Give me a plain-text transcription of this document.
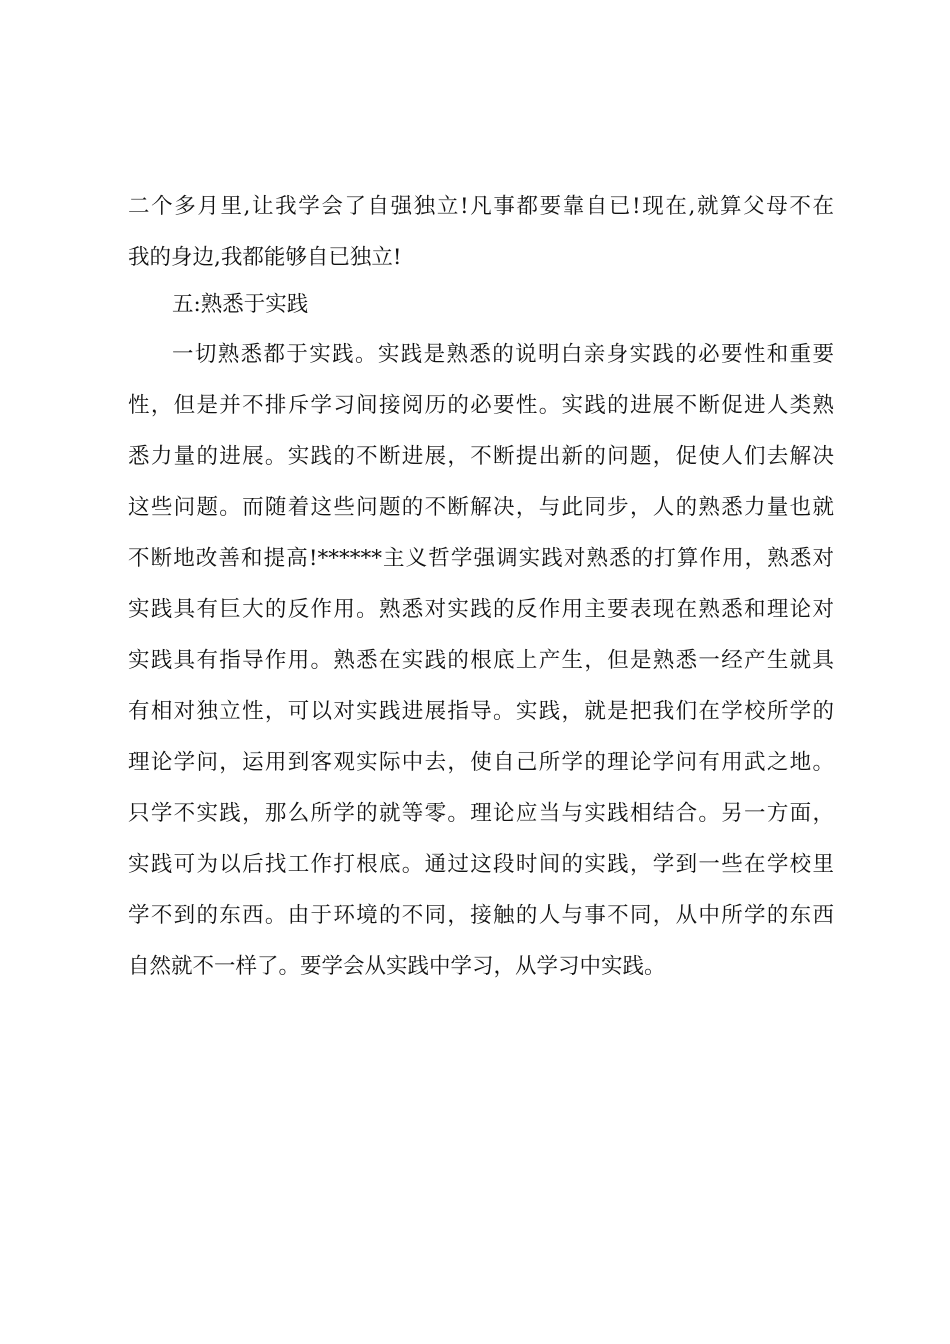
二个多月里,让我学会了自强独立!凡事都要靠自已!现在,就算父母不在
我的身边,我都能够自已独立!
五:熟悉于实践
一切熟悉都于实践。实践是熟悉的说明白亲身实践的必要性和重要
性，但是并不排斥学习间接阅历的必要性。实践的进展不断促进人类熟
悉力量的进展。实践的不断进展，不断提出新的问题，促使人们去解决
这些问题。而随着这些问题的不断解决，与此同步，人的熟悉力量也就
不断地改善和提高!******主义哲学强调实践对熟悉的打算作用，熟悉对
实践具有巨大的反作用。熟悉对实践的反作用主要表现在熟悉和理论对
实践具有指导作用。熟悉在实践的根底上产生，但是熟悉一经产生就具
有相对独立性，可以对实践进展指导。实践，就是把我们在学校所学的
理论学问，运用到客观实际中去，使自己所学的理论学问有用武之地。
只学不实践，那么所学的就等零。理论应当与实践相结合。另一方面，
实践可为以后找工作打根底。通过这段时间的实践，学到一些在学校里
学不到的东西。由于环境的不同，接触的人与事不同，从中所学的东西
自然就不一样了。要学会从实践中学习，从学习中实践。
